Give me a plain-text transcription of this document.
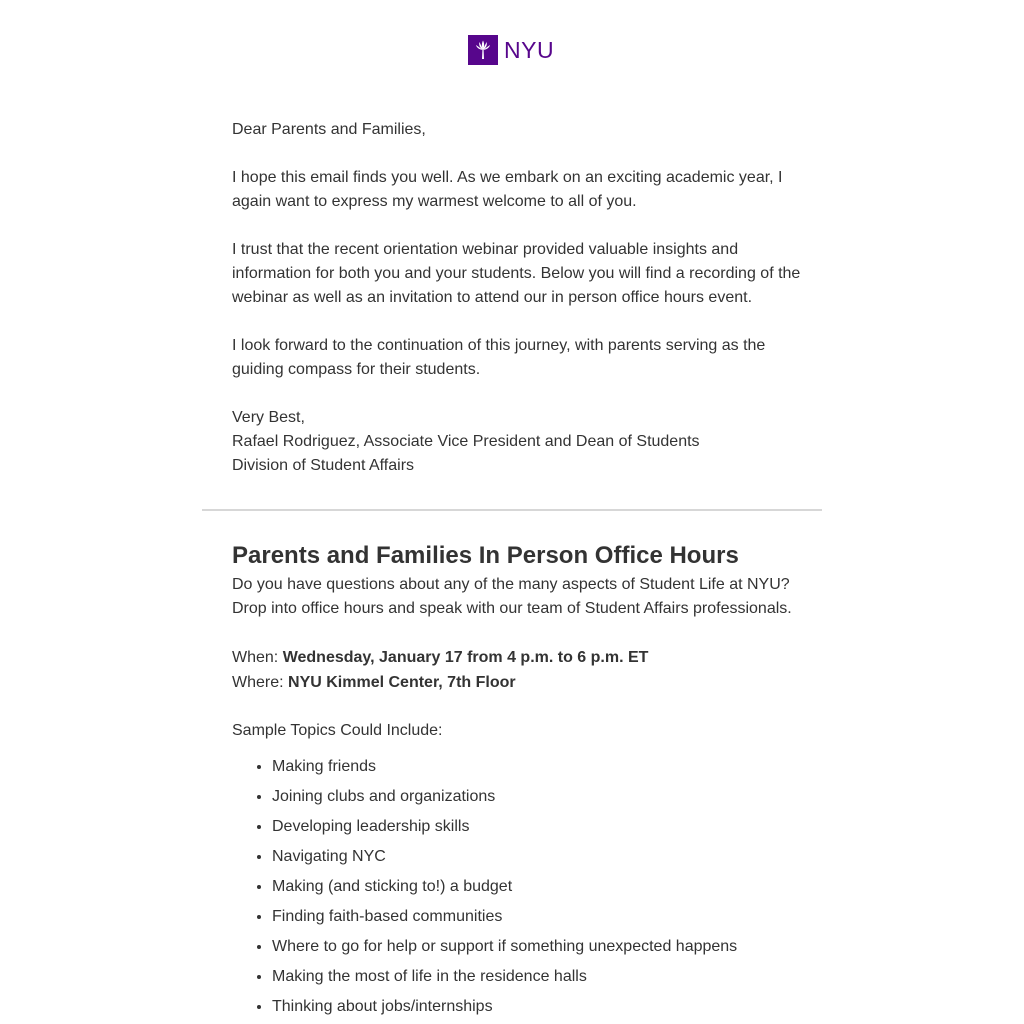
NYU

Dear Parents and Families,

I hope this email finds you well. As we embark on an exciting academic year, I again want to express my warmest welcome to all of you.

I trust that the recent orientation webinar provided valuable insights and information for both you and your students. Below you will find a recording of the webinar as well as an invitation to attend our in person office hours event.

I look forward to the continuation of this journey, with parents serving as the guiding compass for their students.

Very Best,
Rafael Rodriguez, Associate Vice President and Dean of Students
Division of Student Affairs

Parents and Families In Person Office Hours

Do you have questions about any of the many aspects of Student Life at NYU? Drop into office hours and speak with our team of Student Affairs professionals.

When: Wednesday, January 17 from 4 p.m. to 6 p.m. ET
Where: NYU Kimmel Center, 7th Floor

Sample Topics Could Include:

• Making friends
• Joining clubs and organizations
• Developing leadership skills
• Navigating NYC
• Making (and sticking to!) a budget
• Finding faith-based communities
• Where to go for help or support if something unexpected happens
• Making the most of life in the residence halls
• Thinking about jobs/internships
